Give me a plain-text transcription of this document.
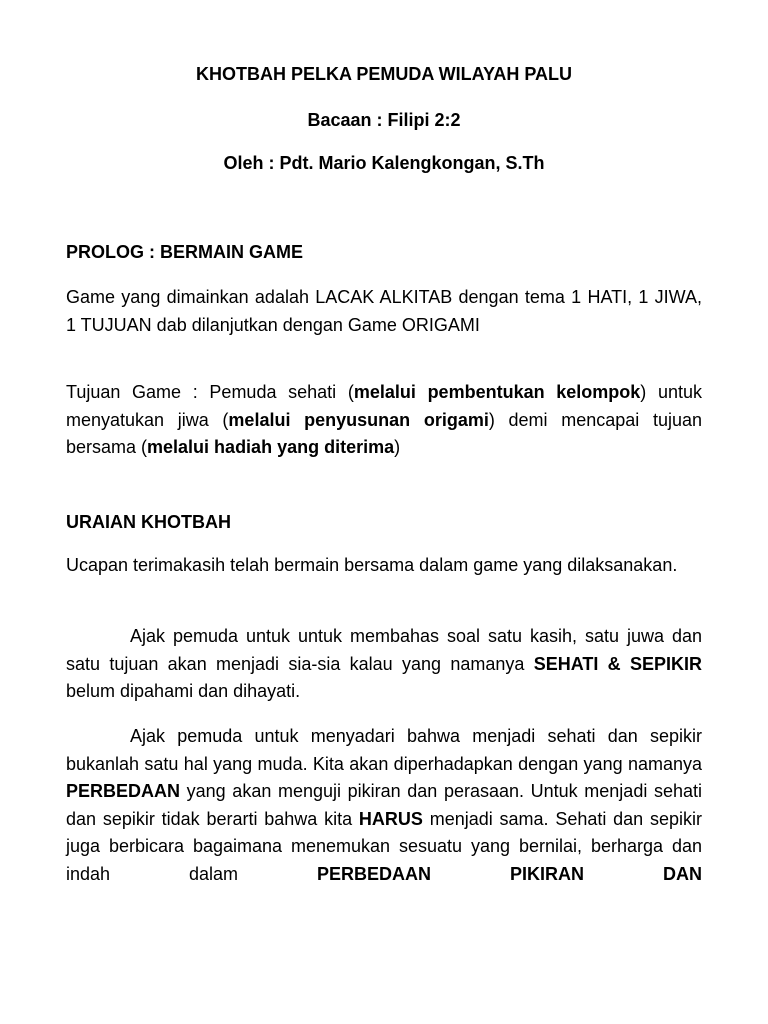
KHOTBAH PELKA PEMUDA WILAYAH PALU
Bacaan : Filipi 2:2
Oleh : Pdt. Mario Kalengkongan, S.Th
PROLOG : BERMAIN GAME

Game yang dimainkan adalah LACAK ALKITAB dengan tema 1 HATI, 1 JIWA, 1 TUJUAN dab dilanjutkan dengan Game ORIGAMI

Tujuan Game : Pemuda sehati (melalui pembentukan kelompok) untuk menyatukan jiwa (melalui penyusunan origami) demi mencapai tujuan bersama (melalui hadiah yang diterima)

URAIAN KHOTBAH

Ucapan terimakasih telah bermain bersama dalam game yang dilaksanakan.

Ajak pemuda untuk untuk membahas soal satu kasih, satu juwa dan satu tujuan akan menjadi sia-sia kalau yang namanya SEHATI & SEPIKIR belum dipahami dan dihayati.

Ajak pemuda untuk menyadari bahwa menjadi sehati dan sepikir bukanlah satu hal yang muda. Kita akan diperhadapkan dengan yang namanya PERBEDAAN yang akan menguji pikiran dan perasaan. Untuk menjadi sehati dan sepikir tidak berarti bahwa kita HARUS menjadi sama. Sehati dan sepikir juga berbicara bagaimana menemukan sesuatu yang bernilai, berharga dan indah dalam PERBEDAAN PIKIRAN DAN
